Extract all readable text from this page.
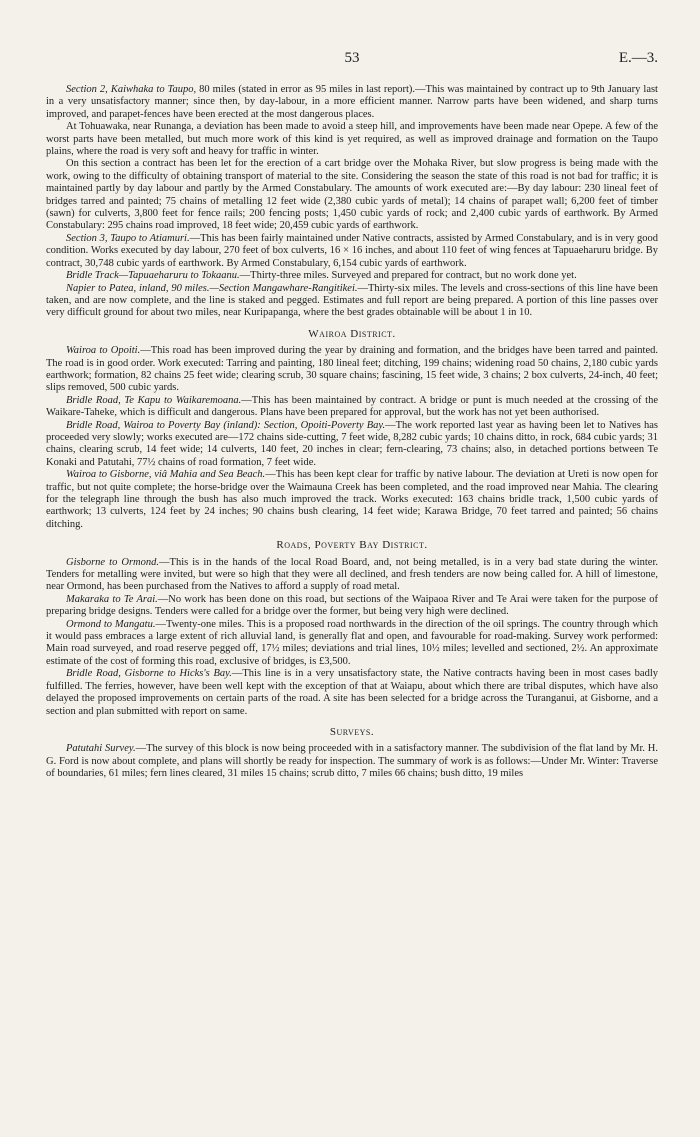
53	E.—3.

Section 2, Kaiwhaka to Taupo, 80 miles (stated in error as 95 miles in last report).—This was maintained by contract up to 9th January last in a very unsatisfactory manner; since then, by day-labour, in a more efficient manner. Narrow parts have been widened, and sharp turns improved, and parapet-fences have been erected at the most dangerous places.

At Tohuawaka, near Runanga, a deviation has been made to avoid a steep hill, and improvements have been made near Opepe. A few of the worst parts have been metalled, but much more work of this kind is yet required, as well as improved drainage and formation on the Taupo plains, where the road is very soft and heavy for traffic in winter.

On this section a contract has been let for the erection of a cart bridge over the Mohaka River, but slow progress is being made with the work, owing to the difficulty of obtaining transport of material to the site. Considering the season the state of this road is not bad for traffic; it is maintained partly by day labour and partly by the Armed Constabulary. The amounts of work executed are:—By day labour: 230 lineal feet of bridges tarred and painted; 75 chains of metalling 12 feet wide (2,380 cubic yards of metal); 14 chains of parapet wall; 6,200 feet of timber (sawn) for culverts, 3,800 feet for fence rails; 200 fencing posts; 1,450 cubic yards of rock; and 2,400 cubic yards of earthwork. By Armed Constabulary: 295 chains road improved, 18 feet wide; 20,459 cubic yards of earthwork.

Section 3, Taupo to Atiamuri.—This has been fairly maintained under Native contracts, assisted by Armed Constabulary, and is in very good condition. Works executed by day labour, 270 feet of box culverts, 16 × 16 inches, and about 110 feet of wing fences at Tapuaeharuru bridge. By contract, 30,748 cubic yards of earthwork. By Armed Constabulary, 6,154 cubic yards of earthwork.

Bridle Track—Tapuaeharuru to Tokaanu.—Thirty-three miles. Surveyed and prepared for contract, but no work done yet.

Napier to Patea, inland, 90 miles.—Section Mangawhare-Rangitikei.—Thirty-six miles. The levels and cross-sections of this line have been taken, and are now complete, and the line is staked and pegged. Estimates and full report are being prepared. A portion of this line passes over very difficult ground for about two miles, near Kuripapanga, where the best grades obtainable will be about 1 in 10.

Wairoa District.

Wairoa to Opoiti.—This road has been improved during the year by draining and formation, and the bridges have been tarred and painted. The road is in good order. Work executed: Tarring and painting, 180 lineal feet; ditching, 199 chains; widening road 50 chains, 2,180 cubic yards earthwork; formation, 82 chains 25 feet wide; clearing scrub, 30 square chains; fascining, 15 feet wide, 3 chains; 2 box culverts, 24-inch, 40 feet; slips removed, 500 cubic yards.

Bridle Road, Te Kapu to Waikaremoana.—This has been maintained by contract. A bridge or punt is much needed at the crossing of the Waikare-Taheke, which is difficult and dangerous. Plans have been prepared for approval, but the work has not yet been authorised.

Bridle Road, Wairoa to Poverty Bay (inland): Section, Opoiti-Poverty Bay.—The work reported last year as having been let to Natives has proceeded very slowly; works executed are—172 chains side-cutting, 7 feet wide, 8,282 cubic yards; 10 chains ditto, in rock, 684 cubic yards; 31 chains, clearing scrub, 14 feet wide; 14 culverts, 140 feet, 20 inches in clear; fern-clearing, 73 chains; also, in detached portions between Te Konaki and Patutahi, 77½ chains of road formation, 7 feet wide.

Wairoa to Gisborne, viâ Mahia and Sea Beach.—This has been kept clear for traffic by native labour. The deviation at Ureti is now open for traffic, but not quite complete; the horse-bridge over the Waimauna Creek has been completed, and the road improved near Mahia. The clearing for the telegraph line through the bush has also much improved the track. Works executed: 163 chains bridle track, 1,500 cubic yards of earthwork; 13 culverts, 124 feet by 24 inches; 90 chains bush clearing, 14 feet wide; Karawa Bridge, 70 feet tarred and painted; 56 chains ditching.

Roads, Poverty Bay District.

Gisborne to Ormond.—This is in the hands of the local Road Board, and, not being metalled, is in a very bad state during the winter. Tenders for metalling were invited, but were so high that they were all declined, and fresh tenders are now being called for. A hill of limestone, near Ormond, has been purchased from the Natives to afford a supply of road metal.

Makaraka to Te Arai.—No work has been done on this road, but sections of the Waipaoa River and Te Arai were taken for the purpose of preparing bridge designs. Tenders were called for a bridge over the former, but being very high were declined.

Ormond to Mangatu.—Twenty-one miles. This is a proposed road northwards in the direction of the oil springs. The country through which it would pass embraces a large extent of rich alluvial land, is generally flat and open, and favourable for road-making. Survey work performed: Main road surveyed, and road reserve pegged off, 17½ miles; deviations and trial lines, 10½ miles; levelled and sectioned, 2½. An approximate estimate of the cost of forming this road, exclusive of bridges, is £3,500.

Bridle Road, Gisborne to Hicks's Bay.—This line is in a very unsatisfactory state, the Native contracts having been in most cases badly fulfilled. The ferries, however, have been well kept with the exception of that at Waiapu, about which there are tribal disputes, which have also delayed the proposed improvements on certain parts of the road. A site has been selected for a bridge across the Turanganui, at Gisborne, and a section and plan submitted with report on same.

Surveys.

Patutahi Survey.—The survey of this block is now being proceeded with in a satisfactory manner. The subdivision of the flat land by Mr. H. G. Ford is now about complete, and plans will shortly be ready for inspection. The summary of work is as follows:—Under Mr. Winter: Traverse of boundaries, 61 miles; fern lines cleared, 31 miles 15 chains; scrub ditto, 7 miles 66 chains; bush ditto, 19 miles
